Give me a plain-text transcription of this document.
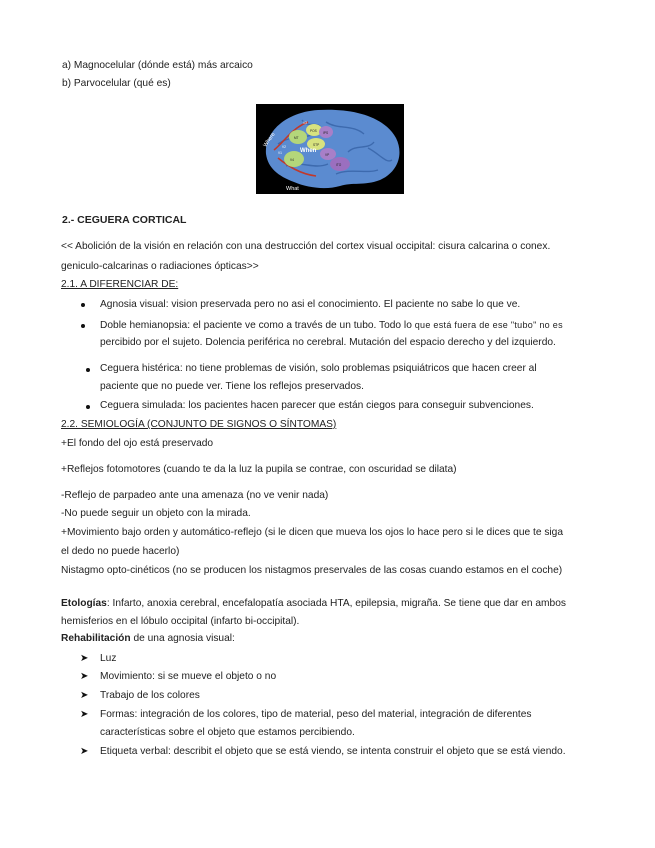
a) Magnocelular (dónde está) más arcaico
b) Parvocelular (qué es)
Where
When
What
MT
POS
STP
V4
IPS
VP
ITO
V3
V2
V1
2.- CEGUERA CORTICAL
<< Abolición de la visión en relación con una destrucción del cortex visual occipital: cisura calcarina o conex.
geniculo-calcarinas o radiaciones ópticas>>
2.1. A DIFERENCIAR DE:
Agnosia visual: vision preservada pero no asi el conocimiento. El paciente no sabe lo que ve.
Doble hemianopsia: el paciente ve como a través de un tubo. Todo lo que está fuera de ese "tubo" no es
percibido por el sujeto. Dolencia periférica no cerebral. Mutación del espacio derecho y del izquierdo.
Ceguera histérica: no tiene problemas de visión, solo problemas psiquiátricos que hacen creer al
paciente que no puede ver. Tiene los reflejos preservados.
Ceguera simulada: los pacientes hacen parecer que están ciegos para conseguir subvenciones.
2.2. SEMIOLOGÍA (CONJUNTO DE SIGNOS O SÍNTOMAS)
+El fondo del ojo está preservado
+Reflejos fotomotores (cuando te da la luz la pupila se contrae, con oscuridad se dilata)
-Reflejo de parpadeo ante una amenaza (no ve venir nada)
-No puede seguir un objeto con la mirada.
+Movimiento bajo orden y automático-reflejo (si le dicen que mueva los ojos lo hace pero si le dices que te siga
el dedo no puede hacerlo)
Nistagmo opto-cinéticos (no se producen los nistagmos preservales de las cosas cuando estamos en el coche)
Etologías: Infarto, anoxia cerebral, encefalopatía asociada HTA, epilepsia, migraña. Se tiene que dar en ambos
hemisferios en el lóbulo occipital (infarto bi-occipital).
Rehabilitación de una agnosia visual:
➤ Luz
➤ Movimiento: si se mueve el objeto o no
➤ Trabajo de los colores
➤ Formas: integración de los colores, tipo de material, peso del material, integración de diferentes
características sobre el objeto que estamos percibiendo.
➤ Etiqueta verbal: describit el objeto que se está viendo, se intenta construir el objeto que se está viendo.
